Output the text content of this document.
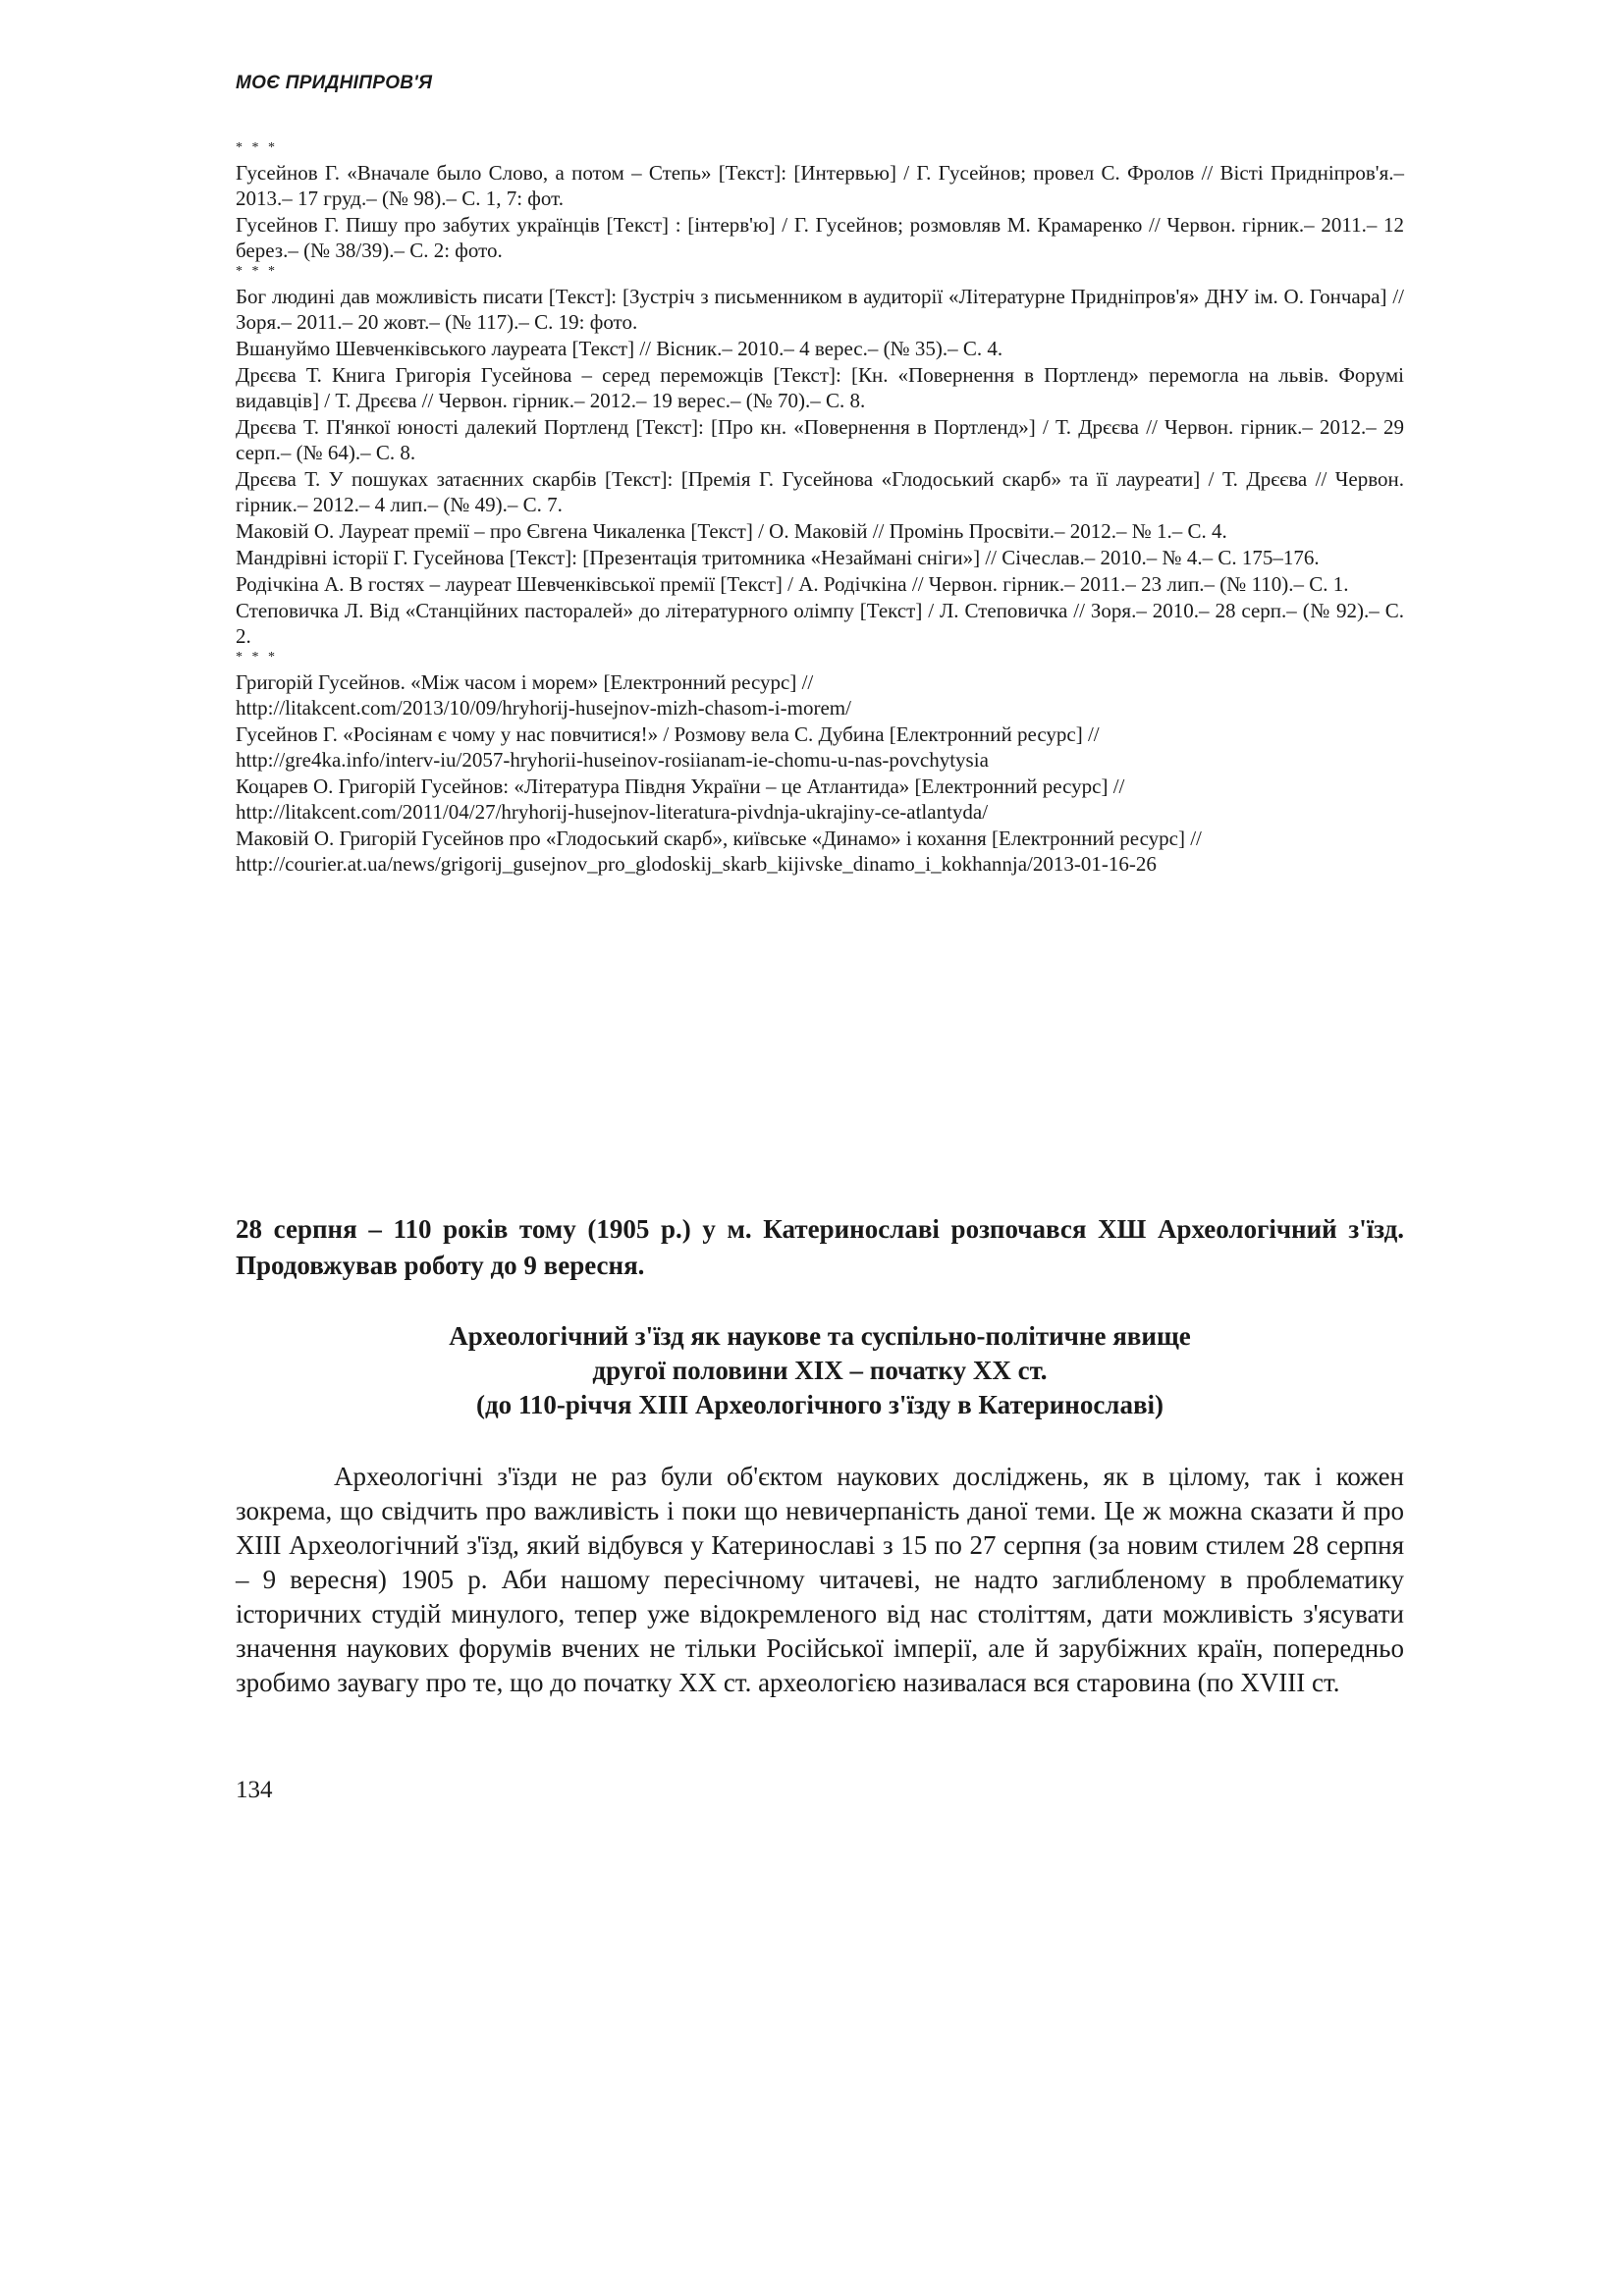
МОЄ ПРИДНІПРОВ'Я
* * *
Гусейнов Г. «Вначале было Слово, а потом – Степь» [Текст]: [Интервью] / Г. Гусейнов; провел С. Фролов // Вісті Придніпров'я.– 2013.– 17 груд.– (№ 98).– С. 1, 7: фот.
Гусейнов Г. Пишу про забутих українців [Текст] : [інтерв'ю] / Г. Гусейнов; розмовляв М. Крамаренко // Червон. гірник.– 2011.– 12 берез.– (№ 38/39).– С. 2: фото.
* * *
Бог людині дав можливість писати [Текст]: [Зустріч з письменником в аудиторії «Літературне Придніпров'я» ДНУ ім. О. Гончара] // Зоря.– 2011.– 20 жовт.– (№ 117).– С. 19: фото.
Вшануймо Шевченківського лауреата [Текст] // Вісник.– 2010.– 4 верес.– (№ 35).– С. 4.
Дрєєва Т. Книга Григорія Гусейнова – серед переможців [Текст]: [Кн. «Повернення в Портленд» перемогла на львів. Форумі видавців] / Т. Дрєєва // Червон. гірник.– 2012.– 19 верес.– (№ 70).– С. 8.
Дрєєва Т. П'янкої юності далекий Портленд [Текст]: [Про кн. «Повернення в Портленд»] / Т. Дрєєва // Червон. гірник.– 2012.– 29 серп.– (№ 64).– С. 8.
Дрєєва Т. У пошуках затаєнних скарбів [Текст]: [Премія Г. Гусейнова «Глодоський скарб» та її лауреати] / Т. Дрєєва // Червон. гірник.– 2012.– 4 лип.– (№ 49).– С. 7.
Маковій О. Лауреат премії – про Євгена Чикаленка [Текст] / О. Маковій // Промінь Просвіти.– 2012.– № 1.– С. 4.
Мандрівні історії Г. Гусейнова [Текст]: [Презентація тритомника «Незаймані сніги»] // Січеслав.– 2010.– № 4.– С. 175–176.
Родічкіна А. В гостях – лауреат Шевченківської премії [Текст] / А. Родічкіна // Червон. гірник.– 2011.– 23 лип.– (№ 110).– С. 1.
Степовичка Л. Від «Станційних пасторалей» до літературного олімпу [Текст] / Л. Степовичка // Зоря.– 2010.– 28 серп.– (№ 92).– С. 2.
* * *
Григорій Гусейнов. «Між часом і морем» [Електронний ресурс] //
http://litakcent.com/2013/10/09/hryhorij-husejnov-mizh-chasom-i-morem/
Гусейнов Г. «Росіянам є чому у нас повчитися!» / Розмову вела С. Дубина [Електронний ресурс] //
http://gre4ka.info/interv-iu/2057-hryhorii-huseinov-rosiianam-ie-chomu-u-nas-povchytysia
Коцарев О. Григорій Гусейнов: «Література Півдня України – це Атлантида» [Електронний ресурс] //
http://litakcent.com/2011/04/27/hryhorij-husejnov-literatura-pivdnja-ukrajiny-ce-atlantyda/
Маковій О. Григорій Гусейнов про «Глодоський скарб», київське «Динамо» і кохання [Електронний ресурс] //
http://courier.at.ua/news/grigorij_gusejnov_pro_glodoskij_skarb_kijivske_dinamo_i_kokhannja/2013-01-16-26
28 серпня – 110 років тому (1905 р.) у м. Катеринославі розпочався ХШ Археологічний з'їзд. Продовжував роботу до 9 вересня.
Археологічний з'їзд як наукове та суспільно-політичне явище
другої половини ХІХ – початку ХХ ст.
(до 110-річчя ХІІІ Археологічного з'їзду в Катеринославі)

Археологічні з'їзди не раз були об'єктом наукових досліджень, як в цілому, так і кожен зокрема, що свідчить про важливість і поки що невичерпаність даної теми. Це ж можна сказати й про ХІІІ Археологічний з'їзд, який відбувся у Катеринославі з 15 по 27 серпня (за новим стилем 28 серпня – 9 вересня) 1905 р. Аби нашому пересічному читачеві, не надто заглибленому в проблематику історичних студій минулого, тепер уже відокремленого від нас століттям, дати можливість з'ясувати значення наукових форумів вчених не тільки Російської імперії, але й зарубіжних країн, попередньо зробимо заувагу про те, що до початку ХХ ст. археологією називалася вся старовина (по XVIII ст.

134
